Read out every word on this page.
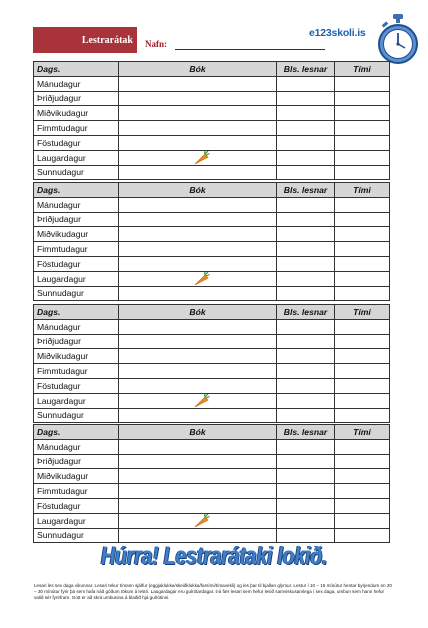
Lestrarátak Nafn:
e123skoli.is
Dags.	Bók	Bls. lesnar	Tími
Mánudagur			
Þriðjudagur			
Miðvikudagur			
Fimmtudagur			
Föstudagur			
Laugardagur	

Sunnudagur			
Dags.	Bók	Bls. lesnar	Tími
Mánudagur			
Þriðjudagur			
Miðvikudagur			
Fimmtudagur			
Föstudagur			
Laugardagur	

Sunnudagur			
Dags.	Bók	Bls. lesnar	Tími
Mánudagur			
Þriðjudagur			
Miðvikudagur			
Fimmtudagur			
Föstudagur			
Laugardagur	

Sunnudagur			
Dags.	Bók	Bls. lesnar	Tími
Mánudagur			
Þriðjudagur			
Miðvikudagur			
Fimmtudagur			
Föstudagur			
Laugardagur	

Sunnudagur			
Húrra! Lestrarátaki lokið.
Lesari les sex daga vikunnar. Lesari tekur tímann sjálfur (eggjaklukka/skeiðklukka/farsími/tímavekli) og les þar til bjallan glymur. Lestur í 10 – 15 mínútur hentar byrjendum en 20 – 30 mínútur fyrir þá sem hafa náð góðum tökum á lestri. Laugardagar eru gulrótardagar. Þá fær lesari sem hefur lesið samviskusamlega í sex daga, umbun sem hann hefur valið sér fyrirfram. Gott er að skrá umbunina á blaðið hjá gulrótinni.
